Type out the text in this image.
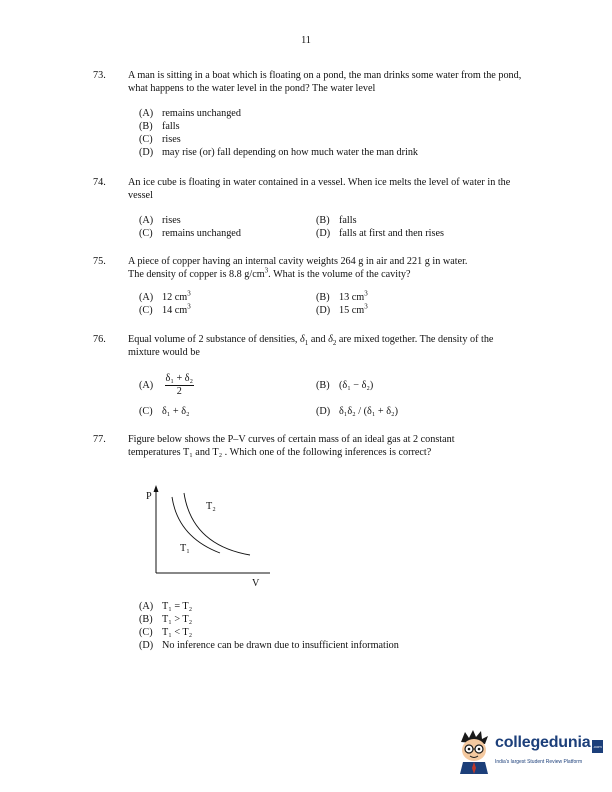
11
73. A man is sitting in a boat which is floating on a pond, the man drinks some water from the pond, what happens to the water level in the pond? The water level
(A) remains unchanged
(B) falls
(C) rises
(D) may rise (or) fall depending on how much water the man drink
74. An ice cube is floating in water contained in a vessel. When ice melts the level of water in the vessel
(A) rises	(B) falls
(C) remains unchanged	(D) falls at first and then rises
75. A piece of copper having an internal cavity weights 264 g in air and 221 g in water.
The density of copper is 8.8 $g/cm^3$. What is the volume of the cavity?
(A) 12 $cm^3$	(B) 13 $cm^3$
(C) 14 $cm^3$	(D) 15 $cm^3$
76. Equal volume of 2 substance of densities, $\delta_1$ and $\delta_2$ are mixed together. The density of the mixture would be
$(A) \frac{\text{δ₁ + δ₂}}{2}$	(B) (δ₁ − δ₂)
(C) δ₁ + δ₂	(D) δ₁δ₂ / (δ₁ + δ₂)
77. Figure below shows the P–V curves of certain mass of an ideal gas at 2 constant
temperatures T₁ and T₂ . Which one of the following inferences is correct?
P
V
T₁
T₂
(A) T₁ = T₂
(B) T₁ > T₂
(C) T₁ < T₂
(D) No inference can be drawn due to insufficient information
collegedunia .com
India's largest Student Review Platform
